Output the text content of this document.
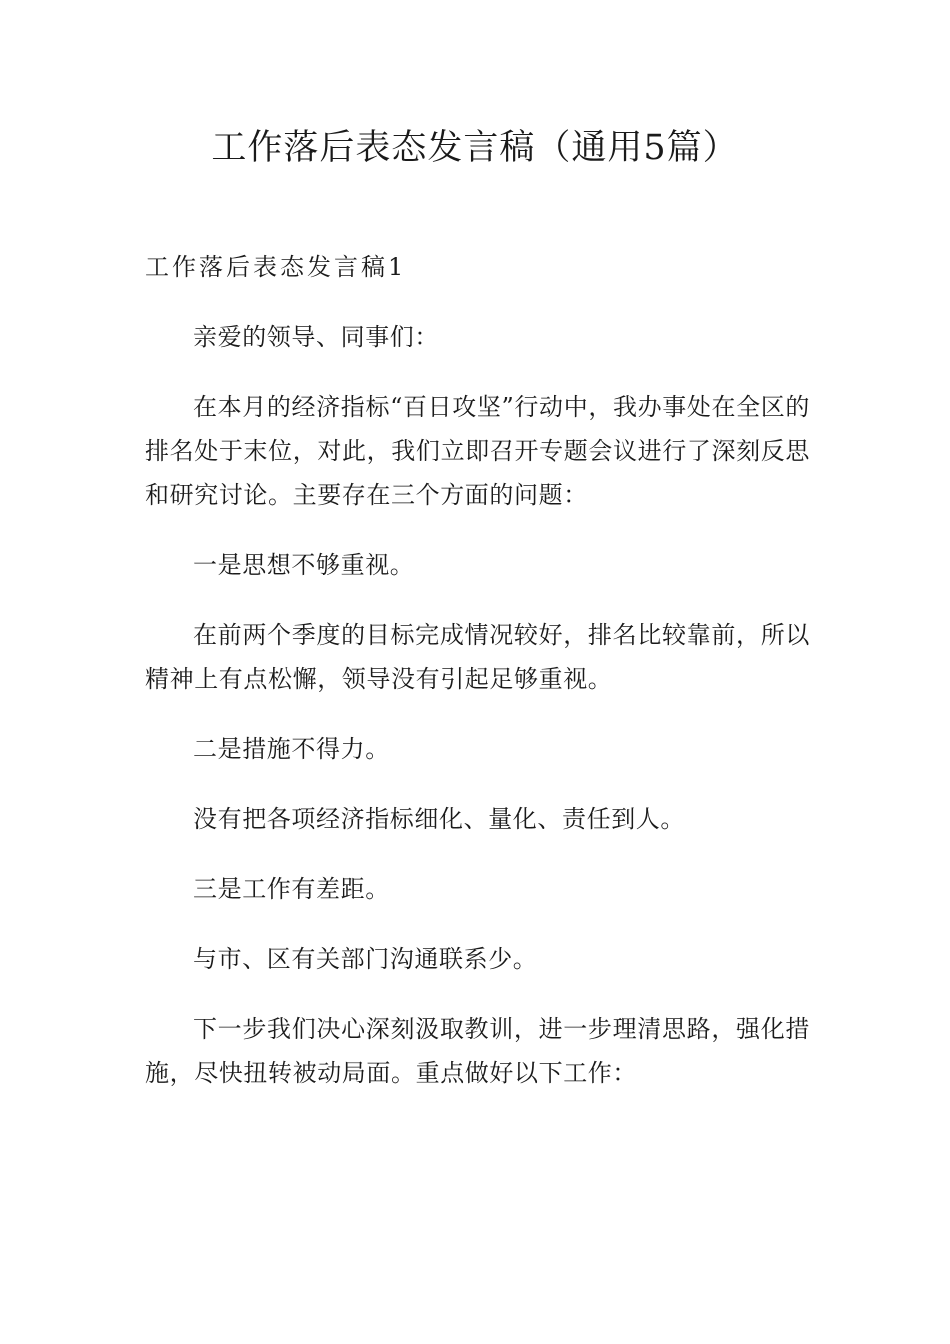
工作落后表态发言稿（通用5篇）
工作落后表态发言稿1

亲爱的领导、同事们：

在本月的经济指标“百日攻坚”行动中，我办事处在全区的排名处于末位，对此，我们立即召开专题会议进行了深刻反思和研究讨论。主要存在三个方面的问题：

一是思想不够重视。

在前两个季度的目标完成情况较好，排名比较靠前，所以精神上有点松懈，领导没有引起足够重视。

二是措施不得力。

没有把各项经济指标细化、量化、责任到人。

三是工作有差距。

与市、区有关部门沟通联系少。

下一步我们决心深刻汲取教训，进一步理清思路，强化措施，尽快扭转被动局面。重点做好以下工作：
